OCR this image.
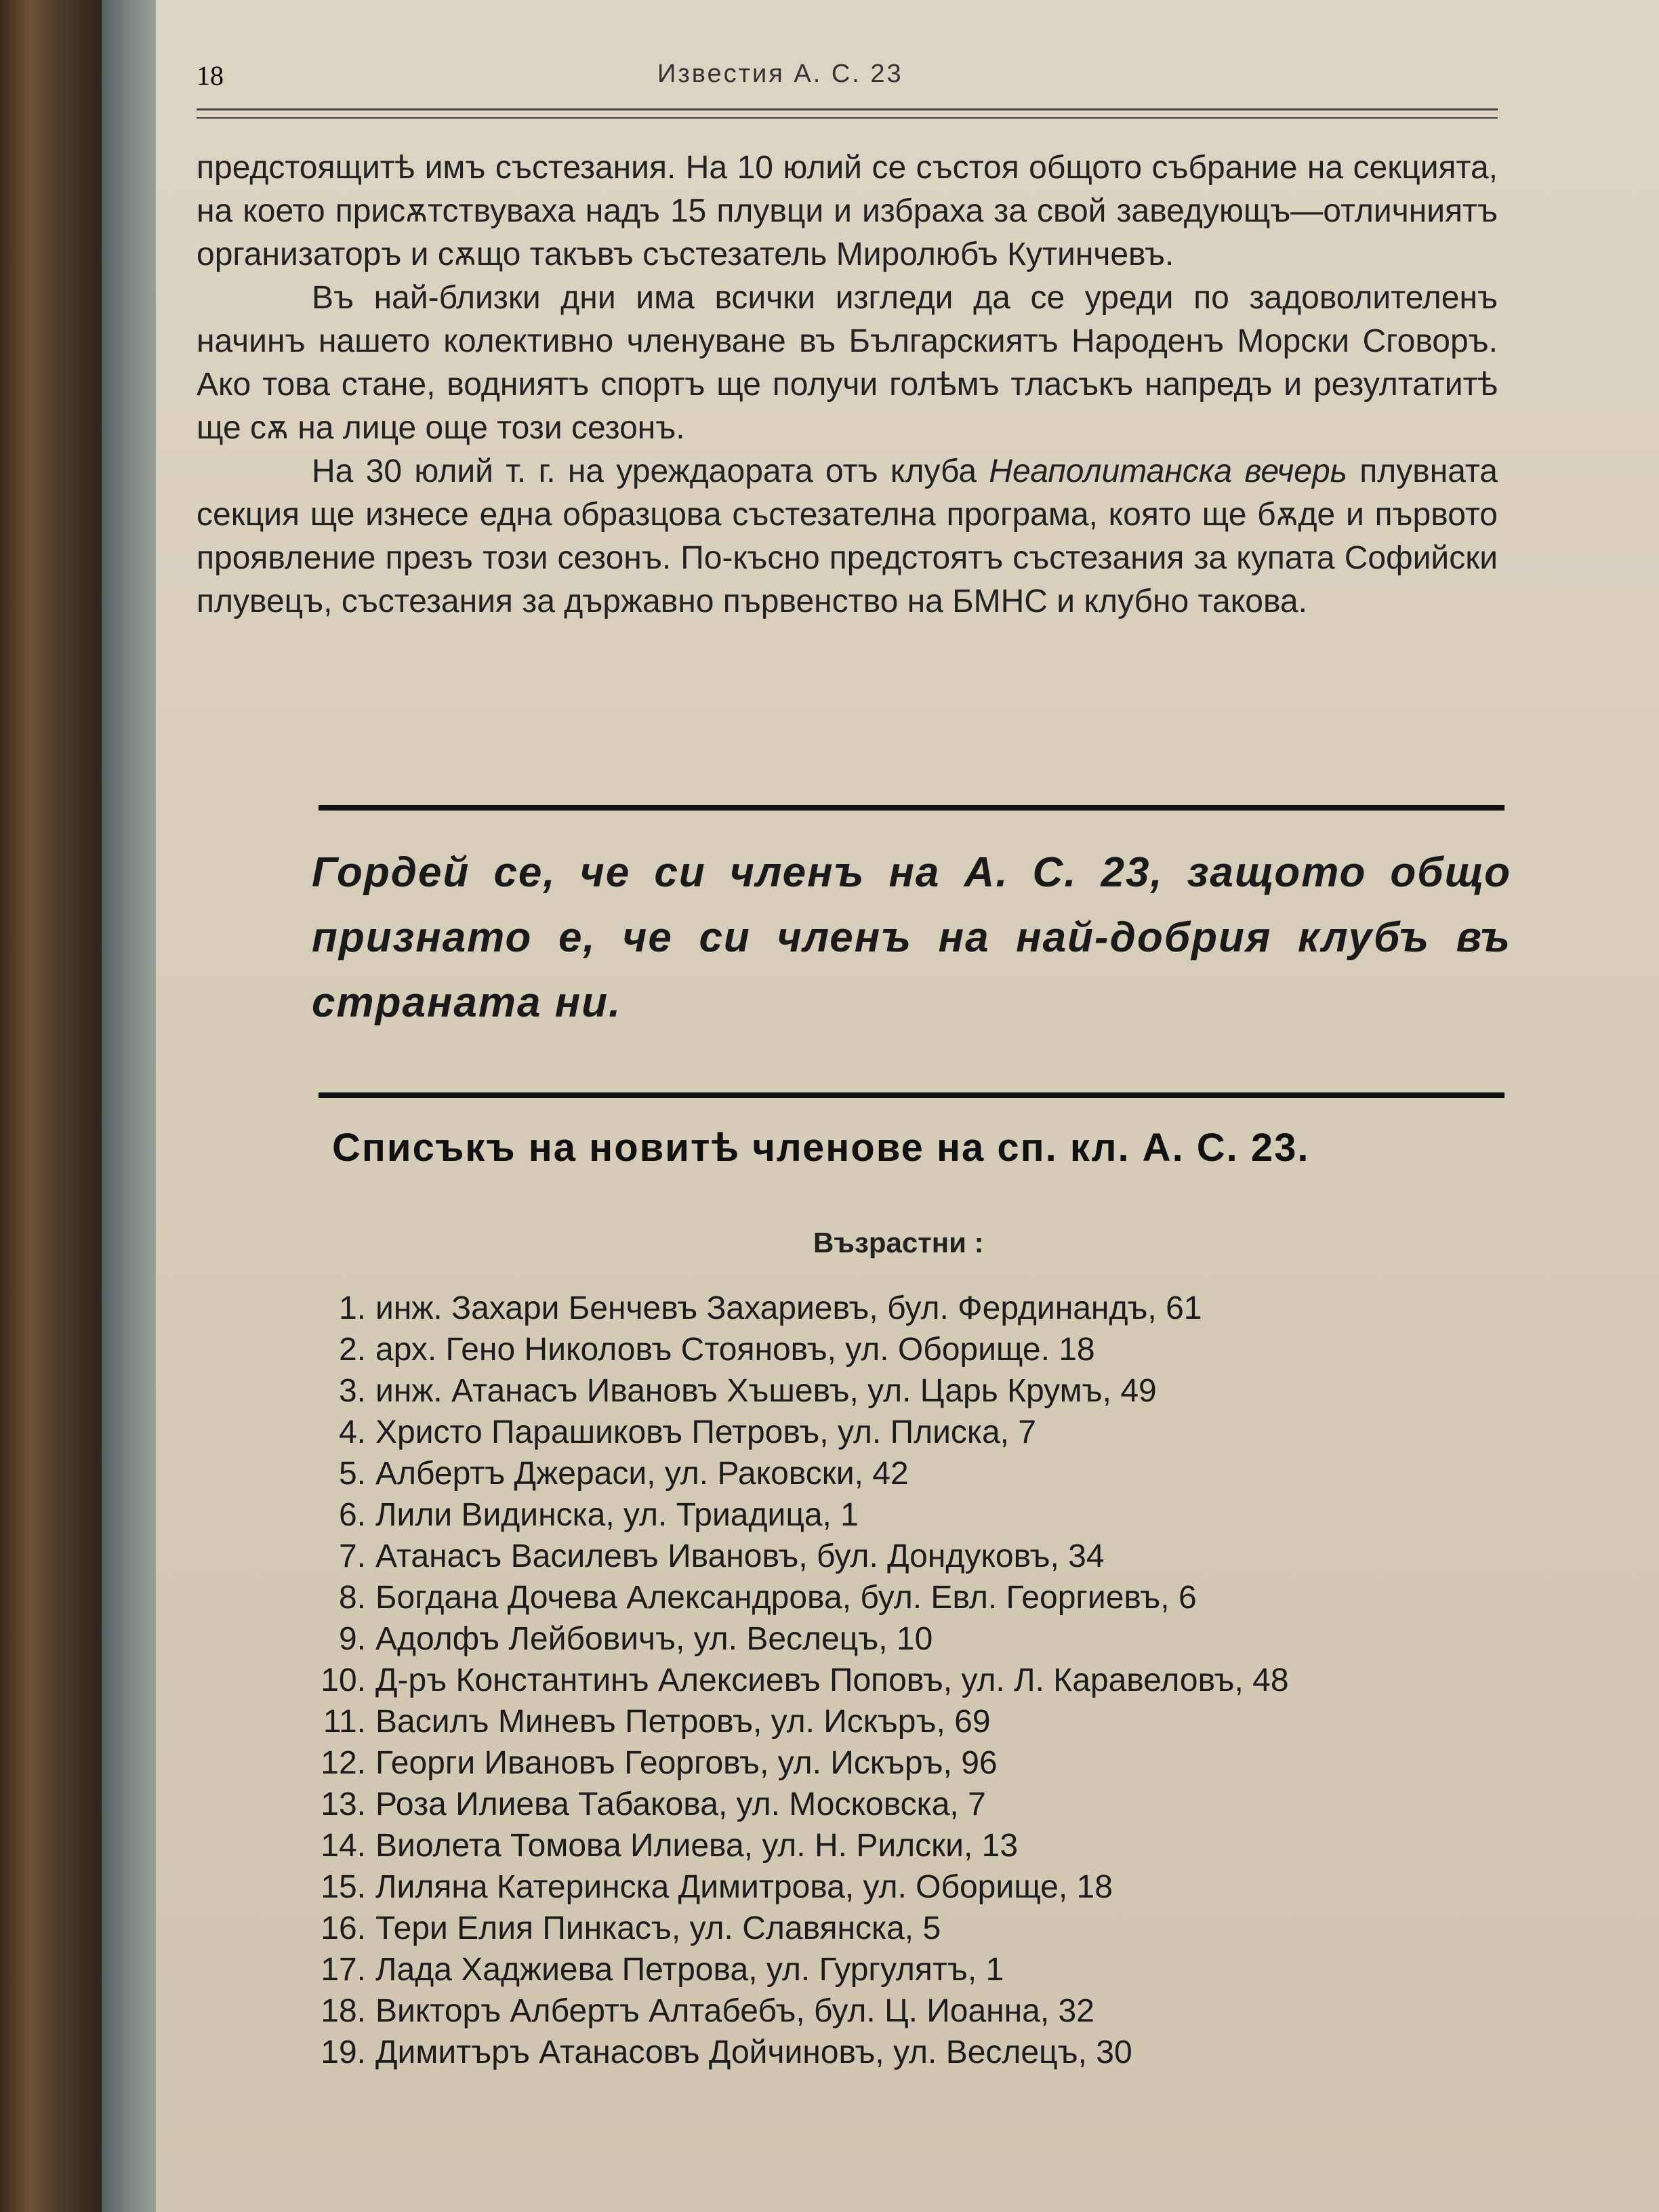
18	Известия А. С. 23

предстоящитѣ имъ състезания. На 10 юлий се състоя общото събрание на секцията, на което присѫтствуваха надъ 15 плувци и избраха за свой заведующъ—отличниятъ организаторъ и сѫщо такъвъ състезатель Миролюбъ Кутинчевъ.

Въ най-близки дни има всички изгледи да се уреди по задоволителенъ начинъ нашето колективно членуване въ Българскиятъ Народенъ Морски Сговоръ. Ако това стане, водниятъ спортъ ще получи голѣмъ тласъкъ напредъ и резултатитѣ ще сѫ на лице още този сезонъ.

На 30 юлий т. г. на уреждаората отъ клуба Неаполитанска вечерь плувната секция ще изнесе една образцова състезателна програма, която ще бѫде и първото проявление презъ този сезонъ. По-късно предстоятъ състезания за купата Софийски плувецъ, състезания за държавно първенство на БМНС и клубно такова.

Гордей се, че си членъ на А. С. 23, защото общо признато е, че си членъ на най-добрия клубъ въ страната ни.
Списъкъ на новитѣ членове на сп. кл. А. С. 23.
Възрастни :
1. инж. Захари Бенчевъ Захариевъ, бул. Фердинандъ, 61
2. арх. Гено Николовъ Стояновъ, ул. Оборище. 18
3. инж. Атанасъ Ивановъ Хъшевъ, ул. Царь Крумъ, 49
4. Христо Парашиковъ Петровъ, ул. Плиска, 7
5. Албертъ Джераси, ул. Раковски, 42
6. Лили Видинска, ул. Триадица, 1
7. Атанасъ Василевъ Ивановъ, бул. Дондуковъ, 34
8. Богдана Дочева Александрова, бул. Евл. Георгиевъ, 6
9. Адолфъ Лейбовичъ, ул. Веслецъ, 10
10. Д-ръ Константинъ Алексиевъ Поповъ, ул. Л. Каравеловъ, 48
11. Василъ Миневъ Петровъ, ул. Искъръ, 69
12. Георги Ивановъ Георговъ, ул. Искъръ, 96
13. Роза Илиева Табакова, ул. Московска, 7
14. Виолета Томова Илиева, ул. Н. Рилски, 13
15. Лиляна Катеринска Димитрова, ул. Оборище, 18
16. Тери Елия Пинкасъ, ул. Славянска, 5
17. Лада Хаджиева Петрова, ул. Гургулятъ, 1
18. Викторъ Албертъ Алтабебъ, бул. Ц. Иоанна, 32
19. Димитъръ Атанасовъ Дойчиновъ, ул. Веслецъ, 30
